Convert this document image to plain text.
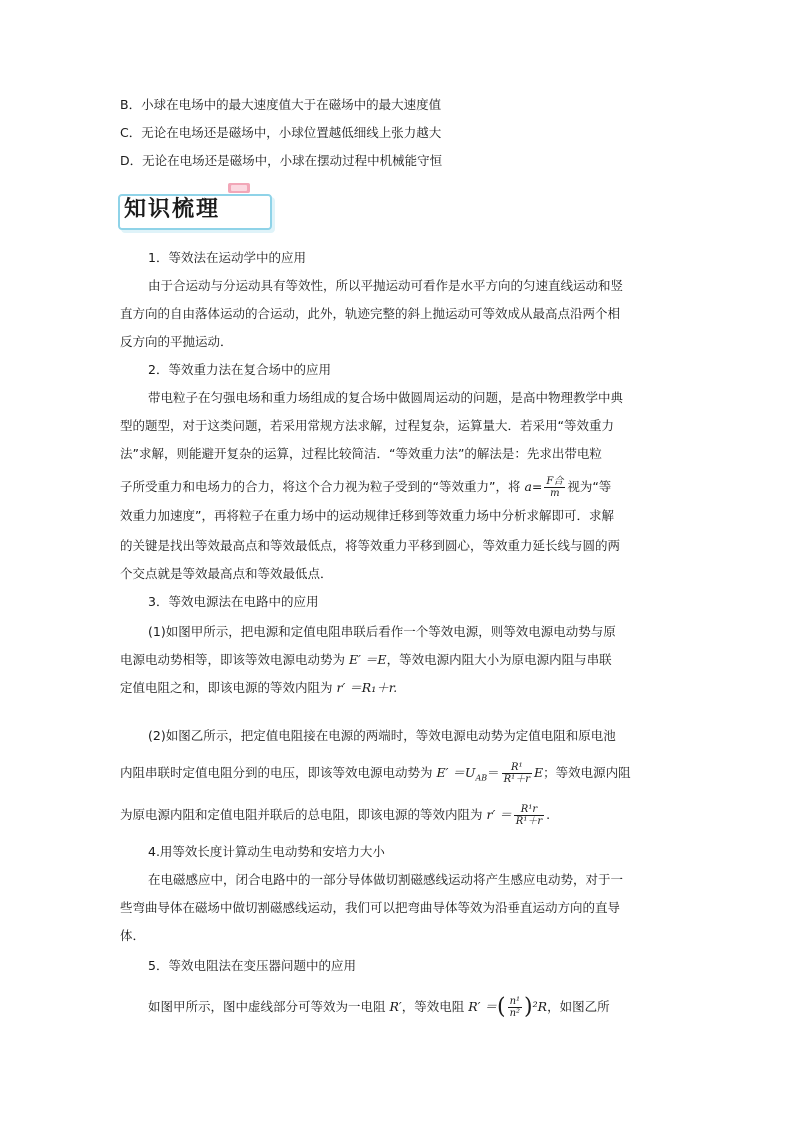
B．小球在电场中的最大速度值大于在磁场中的最大速度值
C．无论在电场还是磁场中，小球位置越低细线上张力越大
D．无论在电场还是磁场中，小球在摆动过程中机械能守恒
知识梳理
1．等效法在运动学中的应用
由于合运动与分运动具有等效性，所以平抛运动可看作是水平方向的匀速直线运动和竖
直方向的自由落体运动的合运动，此外，轨迹完整的斜上抛运动可等效成从最高点沿两个相
反方向的平抛运动．
2．等效重力法在复合场中的应用
带电粒子在匀强电场和重力场组成的复合场中做圆周运动的问题，是高中物理教学中典
型的题型，对于这类问题，若采用常规方法求解，过程复杂，运算量大．若采用“等效重力
法”求解，则能避开复杂的运算，过程比较简洁．“等效重力法”的解法是：先求出带电粒
子所受重力和电场力的合力，将这个合力视为粒子受到的“等效重力”，将 $a= \frac{\text{F合}}{m}$ 视为“等
效重力加速度”，再将粒子在重力场中的运动规律迁移到等效重力场中分析求解即可．求解
的关键是找出等效最高点和等效最低点，将等效重力平移到圆心，等效重力延长线与圆的两
个交点就是等效最高点和等效最低点．
3．等效电源法在电路中的应用
(1)如图甲所示，把电源和定值电阻串联后看作一个等效电源，则等效电源电动势与原
电源电动势相等，即该等效电源电动势为 E′ ＝E，等效电源内阻大小为原电源内阻与串联
定值电阻之和，即该电源的等效内阻为 r′ ＝R₁＋r.
(2)如图乙所示，把定值电阻接在电源的两端时，等效电源电动势为定值电阻和原电池
内阻串联时定值电阻分到的电压，即该等效电源电动势为 $E' =U_{AB}= \frac{\text{R¹}}{\text{R¹＋r}}$ E；等效电源内阻
为原电源内阻和定值电阻并联后的总电阻，即该电源的等效内阻为 $r' = \frac{\text{R¹r}}{\text{R¹＋r}}$ .
4.用等效长度计算动生电动势和安培力大小
在电磁感应中，闭合电路中的一部分导体做切割磁感线运动将产生感应电动势，对于一
些弯曲导体在磁场中做切割磁感线运动，我们可以把弯曲导体等效为沿垂直运动方向的直导
体．
5．等效电阻法在变压器问题中的应用
如图甲所示，图中虚线部分可等效为一电阻 R′，等效电阻 R′ ＝( $\frac{\text{n¹}}{\text{n²}} )^2R$，如图乙所
